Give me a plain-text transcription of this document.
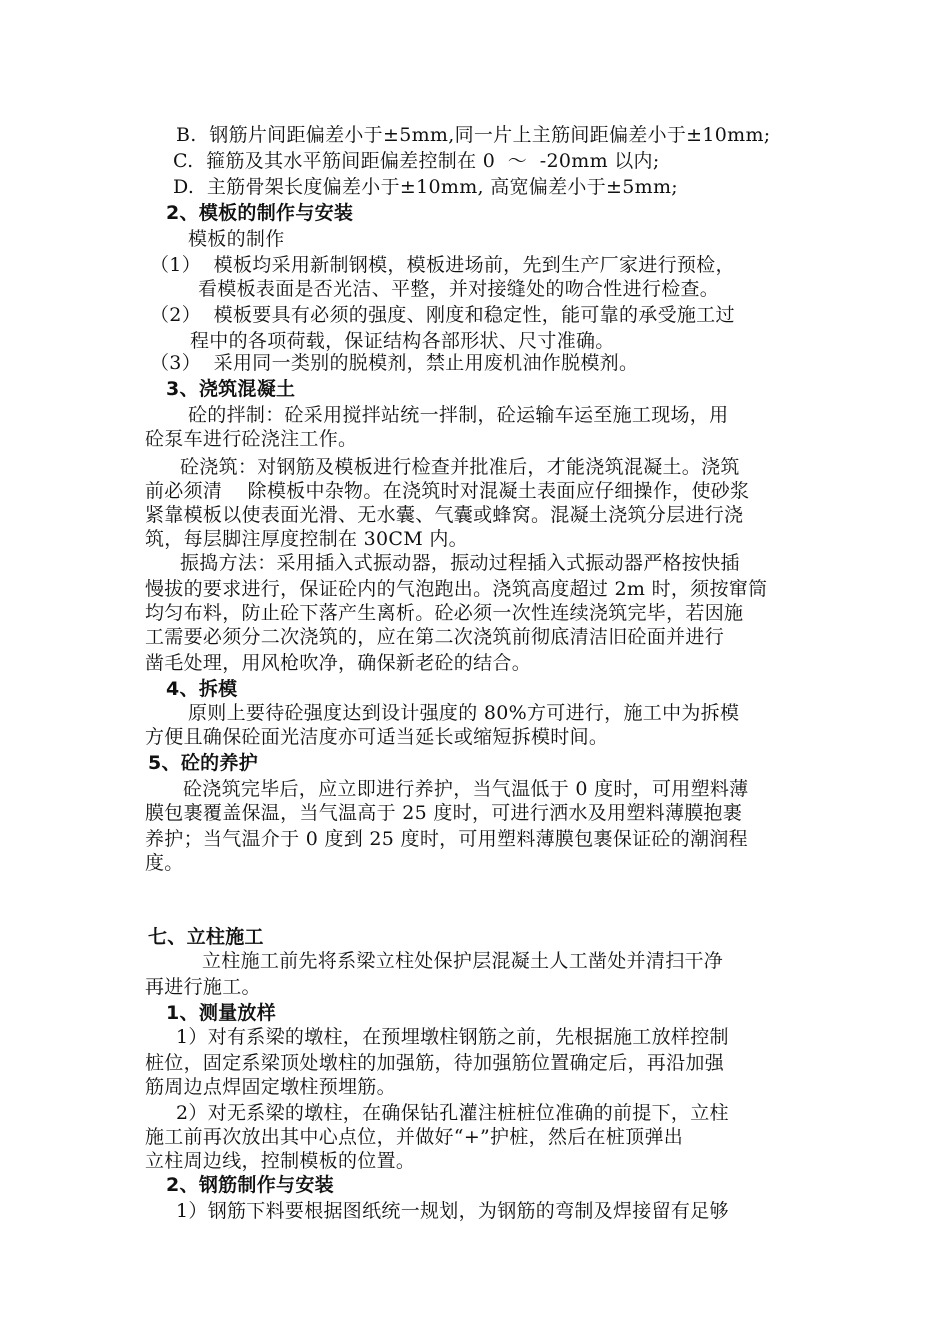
B.  钢筋片间距偏差小于±5mm,同一片上主筋间距偏差小于±10mm;
C.  箍筋及其水平筋间距偏差控制在 0  ～  -20mm 以内;
D.  主筋骨架长度偏差小于±10mm, 高宽偏差小于±5mm;
2、模板的制作与安装
模板的制作
（1）  模板均采用新制钢模，模板进场前，先到生产厂家进行预检，
看模板表面是否光洁、平整，并对接缝处的吻合性进行检查。
（2）  模板要具有必须的强度、刚度和稳定性，能可靠的承受施工过
程中的各项荷载，保证结构各部形状、尺寸准确。
（3）  采用同一类别的脱模剂，禁止用废机油作脱模剂。
3、浇筑混凝土
砼的拌制：砼采用搅拌站统一拌制，砼运输车运至施工现场，用
砼泵车进行砼浇注工作。
砼浇筑：对钢筋及模板进行检查并批准后，才能浇筑混凝土。浇筑
前必须清    除模板中杂物。在浇筑时对混凝土表面应仔细操作，使砂浆
紧靠模板以使表面光滑、无水囊、气囊或蜂窝。混凝土浇筑分层进行浇
筑，每层脚注厚度控制在 30CM 内。
振捣方法：采用插入式振动器，振动过程插入式振动器严格按快插
慢拔的要求进行，保证砼内的气泡跑出。浇筑高度超过 2m 时，须按窜筒
均匀布料，防止砼下落产生离析。砼必须一次性连续浇筑完毕，若因施
工需要必须分二次浇筑的，应在第二次浇筑前彻底清洁旧砼面并进行
凿毛处理，用风枪吹净，确保新老砼的结合。
4、拆模
原则上要待砼强度达到设计强度的 80%方可进行，施工中为拆模
方便且确保砼面光洁度亦可适当延长或缩短拆模时间。
5、砼的养护
砼浇筑完毕后，应立即进行养护，当气温低于 0 度时，可用塑料薄
膜包裹覆盖保温，当气温高于 25 度时，可进行洒水及用塑料薄膜抱裹
养护；当气温介于 0 度到 25 度时，可用塑料薄膜包裹保证砼的潮润程
度。
七、立柱施工
立柱施工前先将系梁立柱处保护层混凝土人工凿处并清扫干净
再进行施工。
1、测量放样
1）对有系梁的墩柱，在预埋墩柱钢筋之前，先根据施工放样控制
桩位，固定系梁顶处墩柱的加强筋，待加强筋位置确定后，再沿加强
筋周边点焊固定墩柱预埋筋。
2）对无系梁的墩柱，在确保钻孔灌注桩桩位准确的前提下，立柱
施工前再次放出其中心点位，并做好“+”护桩，然后在桩顶弹出
立柱周边线，控制模板的位置。
2、钢筋制作与安装
1）钢筋下料要根据图纸统一规划，为钢筋的弯制及焊接留有足够
